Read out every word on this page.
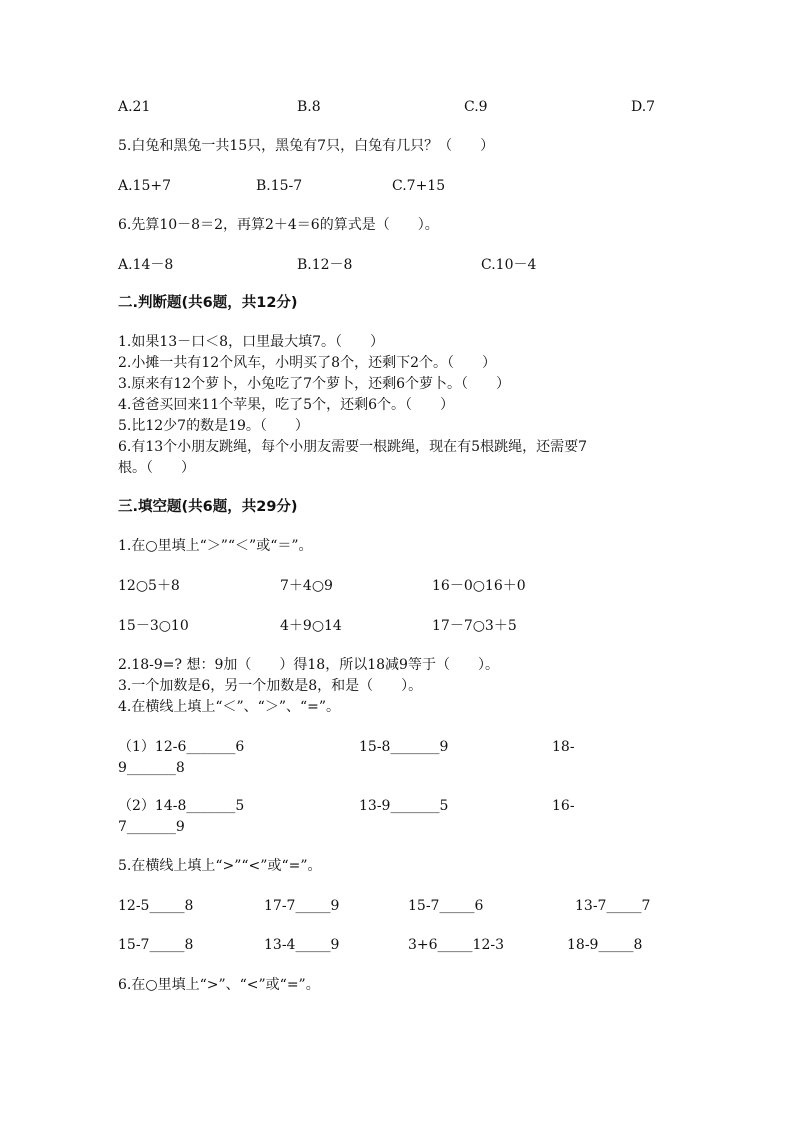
A.21	B.8	C.9	D.7
5.白兔和黑兔一共15只，黑兔有7只，白兔有几只？（　　）
A.15+7	B.15-7	C.7+15
6.先算10－8＝2，再算2＋4＝6的算式是（　　）。
A.14－8	B.12－8	C.10－4
二.判断题(共6题，共12分)
1.如果13－口＜8，口里最大填7。（　　）
2.小摊一共有12个风车，小明买了8个，还剩下2个。（　　）
3.原来有12个萝卜，小兔吃了7个萝卜，还剩6个萝卜。（　　）
4.爸爸买回来11个苹果，吃了5个，还剩6个。（　　）
5.比12少7的数是19。（　　）
6.有13个小朋友跳绳，每个小朋友需要一根跳绳，现在有5根跳绳，还需要7
根。（　　）
三.填空题(共6题，共29分)
1.在○里填上“＞”“＜”或“＝”。
12○5＋8	7＋4○9	16－0○16＋0
15－3○10	4＋9○14	17－7○3＋5
2.18-9=? 想：9加（　　）得18，所以18减9等于（　　）。
3.一个加数是6，另一个加数是8，和是（　　）。
4.在横线上填上“＜”、“＞”、“=”。
（1）12-6_______6	15-8_______9	18-
9_______8
（2）14-8_______5	13-9_______5	16-
7_______9
5.在横线上填上“>”“<”或“=”。
12-5_____8	17-7_____9	15-7_____6	13-7_____7
15-7_____8	13-4_____9	3+6_____12-3	18-9_____8
6.在○里填上“>”、“<”或“=”。
